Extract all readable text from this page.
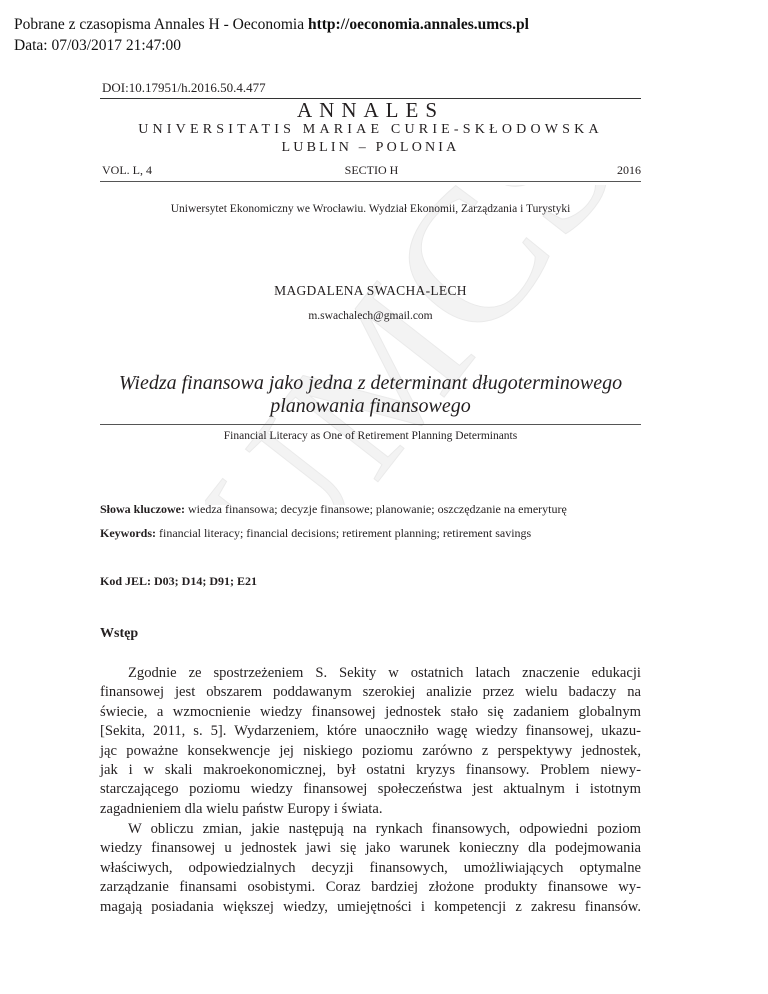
Pobrane z czasopisma Annales H - Oeconomia http://oeconomia.annales.umcs.pl
Data: 07/03/2017 21:47:00
UMCS
DOI:10.17951/h.2016.50.4.477
ANNALES
UNIVERSITATIS MARIAE CURIE-SKŁODOWSKA
LUBLIN – POLONIA
SECTIO H
VOL. L, 4	2016
Uniwersytet Ekonomiczny we Wrocławiu. Wydział Ekonomii, Zarządzania i Turystyki
MAGDALENA SWACHA-LECH
m.swachalech@gmail.com
Wiedza finansowa jako jedna z determinant długoterminowego
planowania finansowego
Financial Literacy as One of Retirement Planning Determinants
Słowa kluczowe: wiedza finansowa; decyzje finansowe; planowanie; oszczędzanie na emeryturę
Keywords: financial literacy; financial decisions; retirement planning; retirement savings
Kod JEL: D03; D14; D91; E21
Wstęp
Zgodnie ze spostrzeżeniem S. Sekity w ostatnich latach znaczenie edukacji
finansowej jest obszarem poddawanym szerokiej analizie przez wielu badaczy na
świecie, a wzmocnienie wiedzy finansowej jednostek stało się zadaniem globalnym
[Sekita, 2011, s. 5]. Wydarzeniem, które unaoczniło wagę wiedzy finansowej, ukazu-
jąc poważne konsekwencje jej niskiego poziomu zarówno z perspektywy jednostek,
jak i w skali makroekonomicznej, był ostatni kryzys finansowy. Problem niewy-
starczającego poziomu wiedzy finansowej społeczeństwa jest aktualnym i istotnym
zagadnieniem dla wielu państw Europy i świata.
W obliczu zmian, jakie następują na rynkach finansowych, odpowiedni poziom
wiedzy finansowej u jednostek jawi się jako warunek konieczny dla podejmowania
właściwych, odpowiedzialnych decyzji finansowych, umożliwiających optymalne
zarządzanie finansami osobistymi. Coraz bardziej złożone produkty finansowe wy-
magają posiadania większej wiedzy, umiejętności i kompetencji z zakresu finansów.
